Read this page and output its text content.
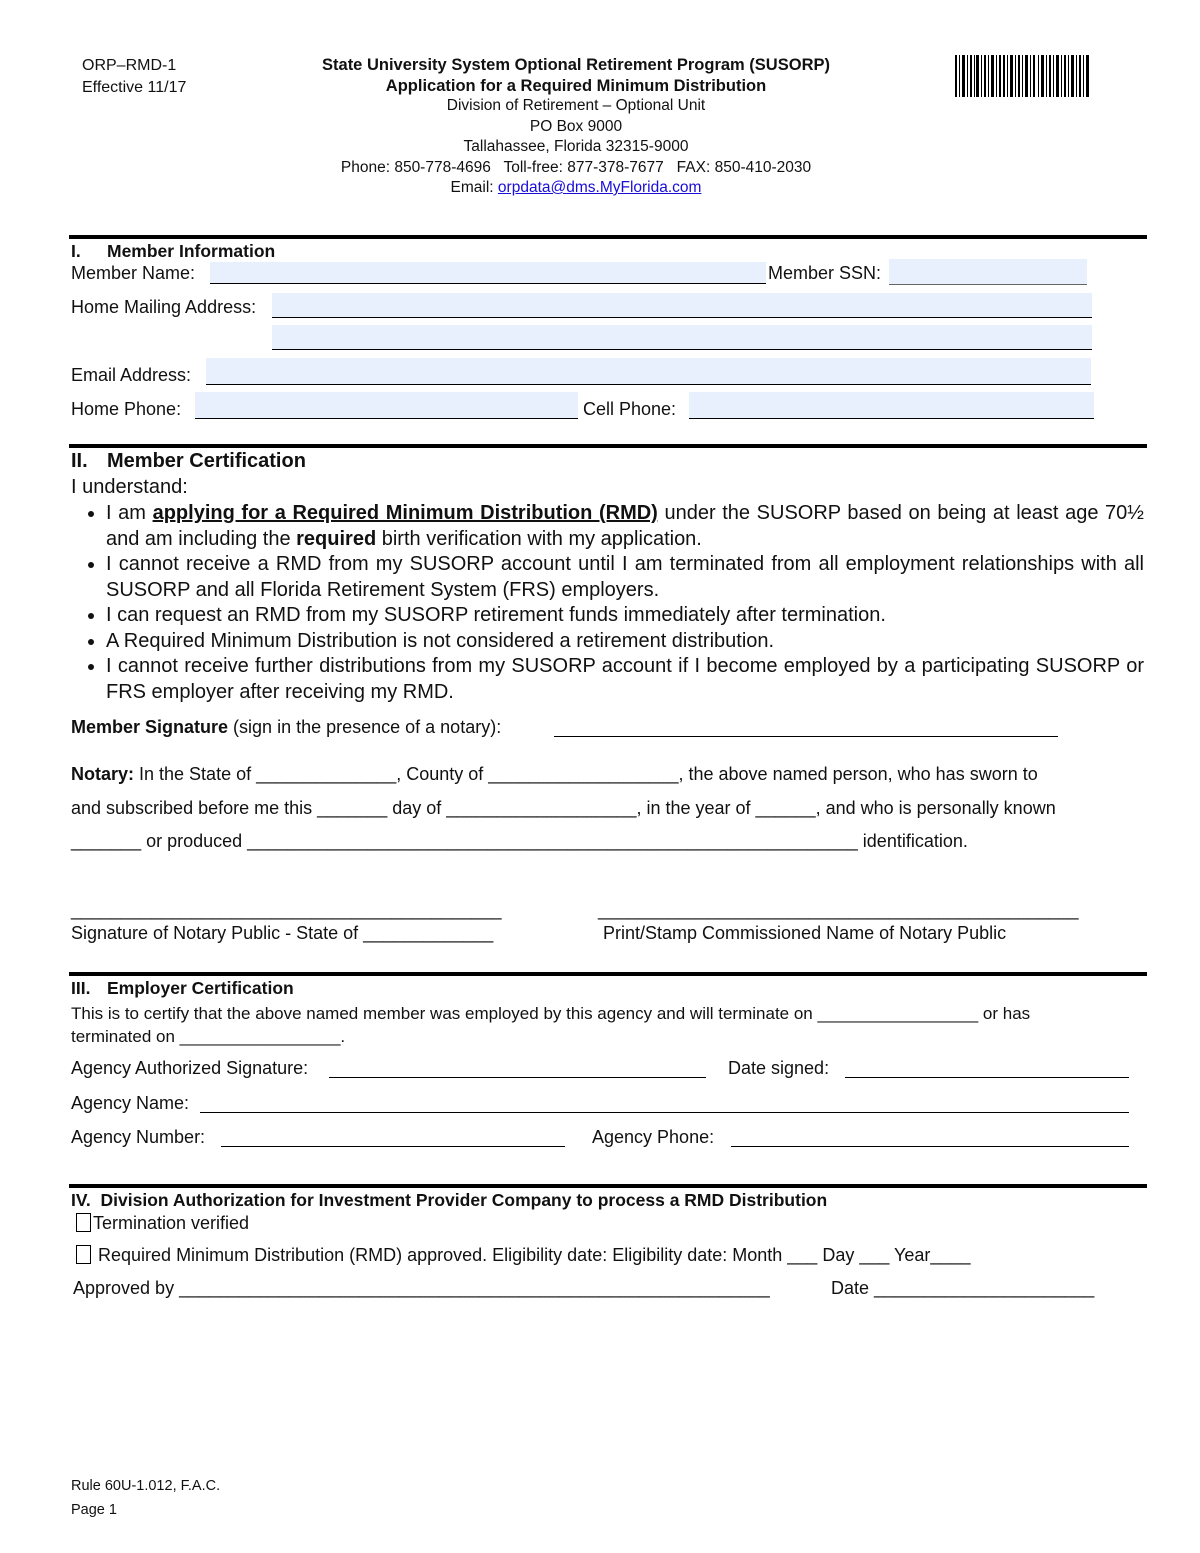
ORP–RMD-1
Effective 11/17
State University System Optional Retirement Program (SUSORP)
Application for a Required Minimum Distribution
Division of Retirement – Optional Unit
PO Box 9000
Tallahassee, Florida 32315-9000
Phone: 850-778-4696   Toll-free: 877-378-7677   FAX: 850-410-2030
Email: orpdata@dms.MyFlorida.com
I. Member Information
Member Name:	Member SSN:
Home Mailing Address:
Email Address:
Home Phone:	Cell Phone:
II. Member Certification
I understand:
• I am applying for a Required Minimum Distribution (RMD) under the SUSORP based on being at least age 70½ and am including the required birth verification with my application.
• I cannot receive a RMD from my SUSORP account until I am terminated from all employment relationships with all SUSORP and all Florida Retirement System (FRS) employers.
• I can request an RMD from my SUSORP retirement funds immediately after termination.
• A Required Minimum Distribution is not considered a retirement distribution.
• I cannot receive further distributions from my SUSORP account if I become employed by a participating SUSORP or FRS employer after receiving my RMD.
Member Signature (sign in the presence of a notary):
Notary: In the State of ______________, County of ___________________, the above named person, who has sworn to
and subscribed before me this _______ day of ___________________, in the year of ______, and who is personally known
_______ or produced _____________________________________________________________ identification.
___________________________________________	________________________________________________
Signature of Notary Public - State of _____________	Print/Stamp Commissioned Name of Notary Public
III. Employer Certification
This is to certify that the above named member was employed by this agency and will terminate on _________________ or has
terminated on _________________.
Agency Authorized Signature:	Date signed:
Agency Name:
Agency Number:	Agency Phone:
IV. Division Authorization for Investment Provider Company to process a RMD Distribution
Termination verified
Required Minimum Distribution (RMD) approved. Eligibility date: Eligibility date: Month ___ Day ___ Year____
Approved by ___________________________________________________________	Date ______________________
Rule 60U-1.012, F.A.C.
Page 1
